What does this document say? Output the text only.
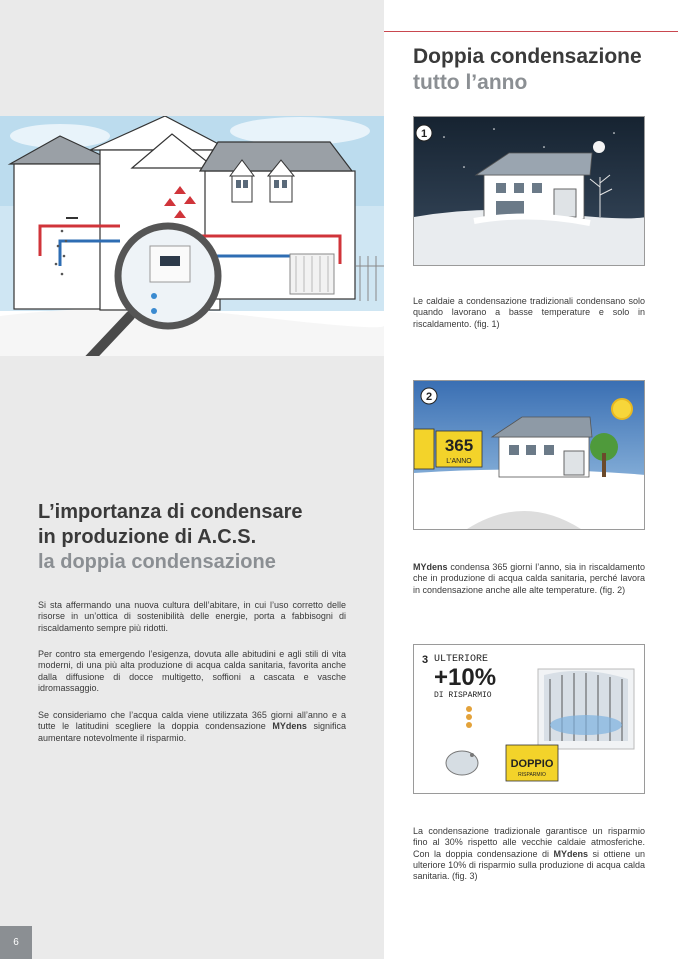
Doppia condensazione
tutto l’anno
1

Le caldaie a condensazione tradizionali condensano solo quando lavorano a basse temperature e solo in riscaldamento. (fig. 1)

365
L'ANNO
2

MYdens condensa 365 giorni l’anno, sia in riscaldamento che in produzione di acqua calda sanitaria, perché lavora in condensazione anche alle alte temperature. (fig. 2)

3 ULTERIORE
+10%
DI RISPARMIO
DOPPIO
RISPARMIO

La condensazione tradizionale garantisce un risparmio fino al 30% rispetto alle vecchie caldaie atmosferiche. Con la doppia condensazione di MYdens si ottiene un ulteriore 10% di risparmio sulla produzione di acqua calda sanitaria. (fig. 3)

L’importanza di condensare
in produzione di A.C.S.
la doppia condensazione

Si sta affermando una nuova cultura dell’abitare, in cui l’uso corretto delle risorse in un’ottica di sostenibilità delle energie, porta a fabbisogni di riscaldamento sempre più ridotti.

Per contro sta emergendo l’esigenza, dovuta alle abitudini e agli stili di vita moderni, di una più alta produzione di acqua calda sanitaria, favorita anche dalla diffusione di docce multigetto, soffioni a cascata e vasche idromassaggio.

Se consideriamo che l’acqua calda viene utilizzata 365 giorni all’anno e a tutte le latitudini scegliere la doppia condensazione MYdens significa aumentare notevolmente il risparmio.

6
